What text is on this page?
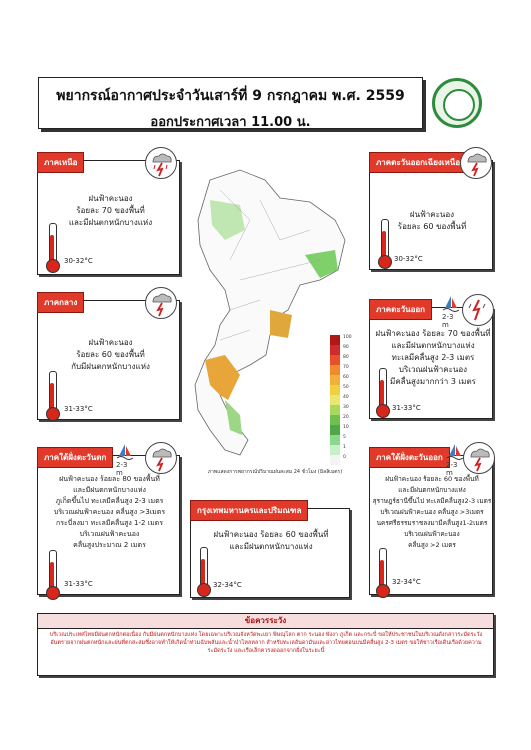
พยากรณ์อากาศประจำวันเสาร์ที่ 9 กรกฎาคม พ.ศ. 2559
ออกประกาศเวลา 11.00 น.
100
90
80
70
60
50
40
30
20
10
5
1
0
ภาพแสดงการพยากรณ์ปริมาณฝนสะสม 24 ชั่วโมง (มิลลิเมตร)
ภาคเหนือ
ฝนฟ้าคะนอง
ร้อยละ 70 ของพื้นที่
และมีฝนตกหนักบางแห่ง
30-32°C
ภาคตะวันออกเฉียงเหนือ
ฝนฟ้าคะนอง
ร้อยละ 60 ของพื้นที่
30-32°C
ภาคกลาง
ฝนฟ้าคะนอง
ร้อยละ 60 ของพื้นที่
กับมีฝนตกหนักบางแห่ง
31-33°C
ภาคตะวันออก
2-3 m
ฝนฟ้าคะนอง ร้อยละ 70 ของพื้นที่
และมีฝนตกหนักบางแห่ง
ทะเลมีคลื่นสูง 2-3 เมตร
บริเวณฝนฟ้าคะนอง
มีคลื่นสูงมากกว่า 3 เมตร
31-33°C
ภาคใต้ฝั่งตะวันตก
2-3 m
ฝนฟ้าคะนอง ร้อยละ 80 ของพื้นที่
และมีฝนตกหนักบางแห่ง
ภูเก็ตขึ้นไป ทะเลมีคลื่นสูง 2-3 เมตร
บริเวณฝนฟ้าคะนอง คลื่นสูง >3เมตร
กระบี่ลงมา ทะเลมีคลื่นสูง 1-2 เมตร
บริเวณฝนฟ้าคะนอง
คลื่นสูงประมาณ 2 เมตร
31-33°C
กรุงเทพมหานครและปริมณฑล
ฝนฟ้าคะนอง ร้อยละ 60 ของพื้นที่
และมีฝนตกหนักบางแห่ง
32-34°C
ภาคใต้ฝั่งตะวันออก
2-3 m
ฝนฟ้าคะนอง ร้อยละ 60 ของพื้นที่
และมีฝนตกหนักบางแห่ง
สุราษฎร์ธานีขึ้นไป ทะเลมีคลื่นสูง2-3 เมตร
บริเวณฝนฟ้าคะนอง คลื่นสูง >3เมตร
นครศรีธรรมราชลงมามีคลื่นสูง1-2เมตร
บริเวณฝนฟ้าคะนอง
คลื่นสูง >2 เมตร
32-34°C
ข้อควรระวัง
บริเวณประเทศไทยมีฝนตกหนักต่อเนื่อง กับมีฝนตกหนักบางแห่ง โดยเฉพาะบริเวณจังหวัดพะเยา พิษณุโลก ตาก ระนอง พังงา ภูเก็ต และกระบี่ ขอให้ประชาชนในบริเวณดังกล่าวระมัดระวังอันตรายจากฝนตกหนักและฝนที่ตกสะสมซึ่งอาจทำให้เกิดน้ำท่วมฉับพลันและน้ำป่าไหลหลาก สำหรับทะเลอันดามันและอ่าวไทยตอนบนมีคลื่นสูง 2-3 เมตร ขอให้ชาวเรือเดินเรือด้วยความระมัดระวัง และเรือเล็กควรงดออกจากฝั่งในระยะนี้
